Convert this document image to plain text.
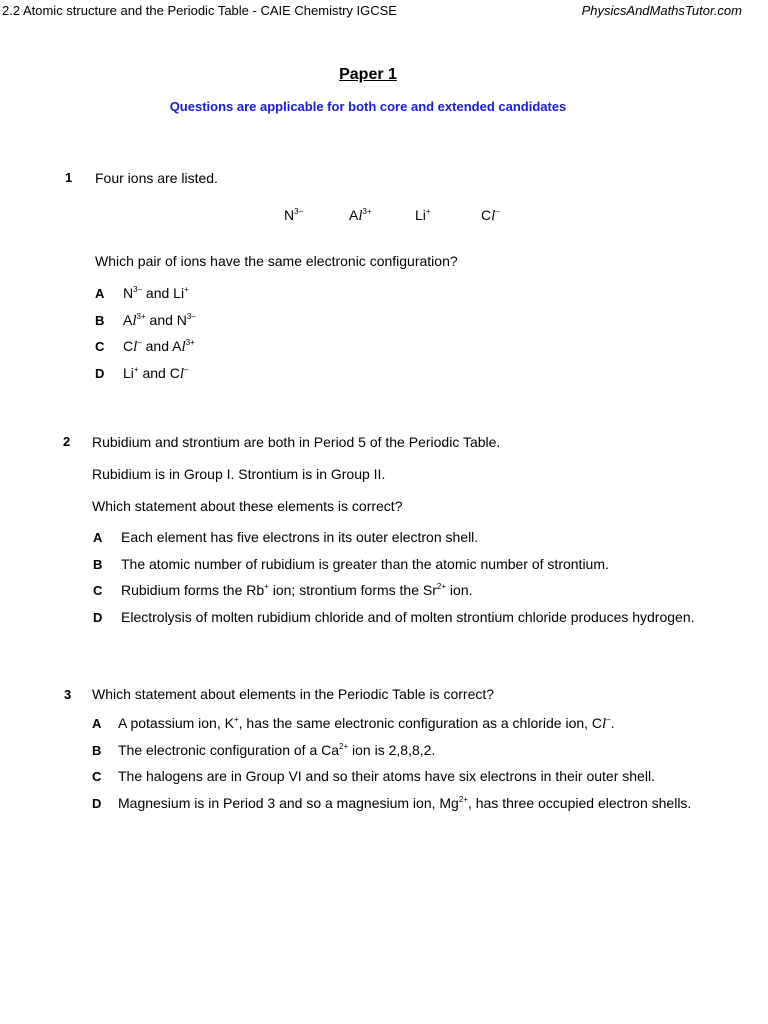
2.2 Atomic structure and the Periodic Table - CAIE Chemistry IGCSE	PhysicsAndMathsTutor.com
Paper 1
Questions are applicable for both core and extended candidates
1 Four ions are listed.
$N^{3-}$	$Al^{3+}$	Li+	Cl–
Which pair of ions have the same electronic configuration?
A $N^{3-}$ and Li+
B $Al^{3+}$ and $N^{3-}$
C Cl– and $Al^{3+}$
D Li+ and Cl–
2 Rubidium and strontium are both in Period 5 of the Periodic Table.
Rubidium is in Group I. Strontium is in Group II.
Which statement about these elements is correct?
A Each element has five electrons in its outer electron shell.
B The atomic number of rubidium is greater than the atomic number of strontium.
C Rubidium forms the Rb+ ion; strontium forms the $Sr^{2+}$ ion.
D Electrolysis of molten rubidium chloride and of molten strontium chloride produces hydrogen.
3 Which statement about elements in the Periodic Table is correct?
A A potassium ion, K+, has the same electronic configuration as a chloride ion, Cl–.
B The electronic configuration of a $Ca^{2+}$ ion is 2,8,8,2.
C The halogens are in Group VI and so their atoms have six electrons in their outer shell.
D Magnesium is in Period 3 and so a magnesium ion, $Mg^{2+}$, has three occupied electron shells.
